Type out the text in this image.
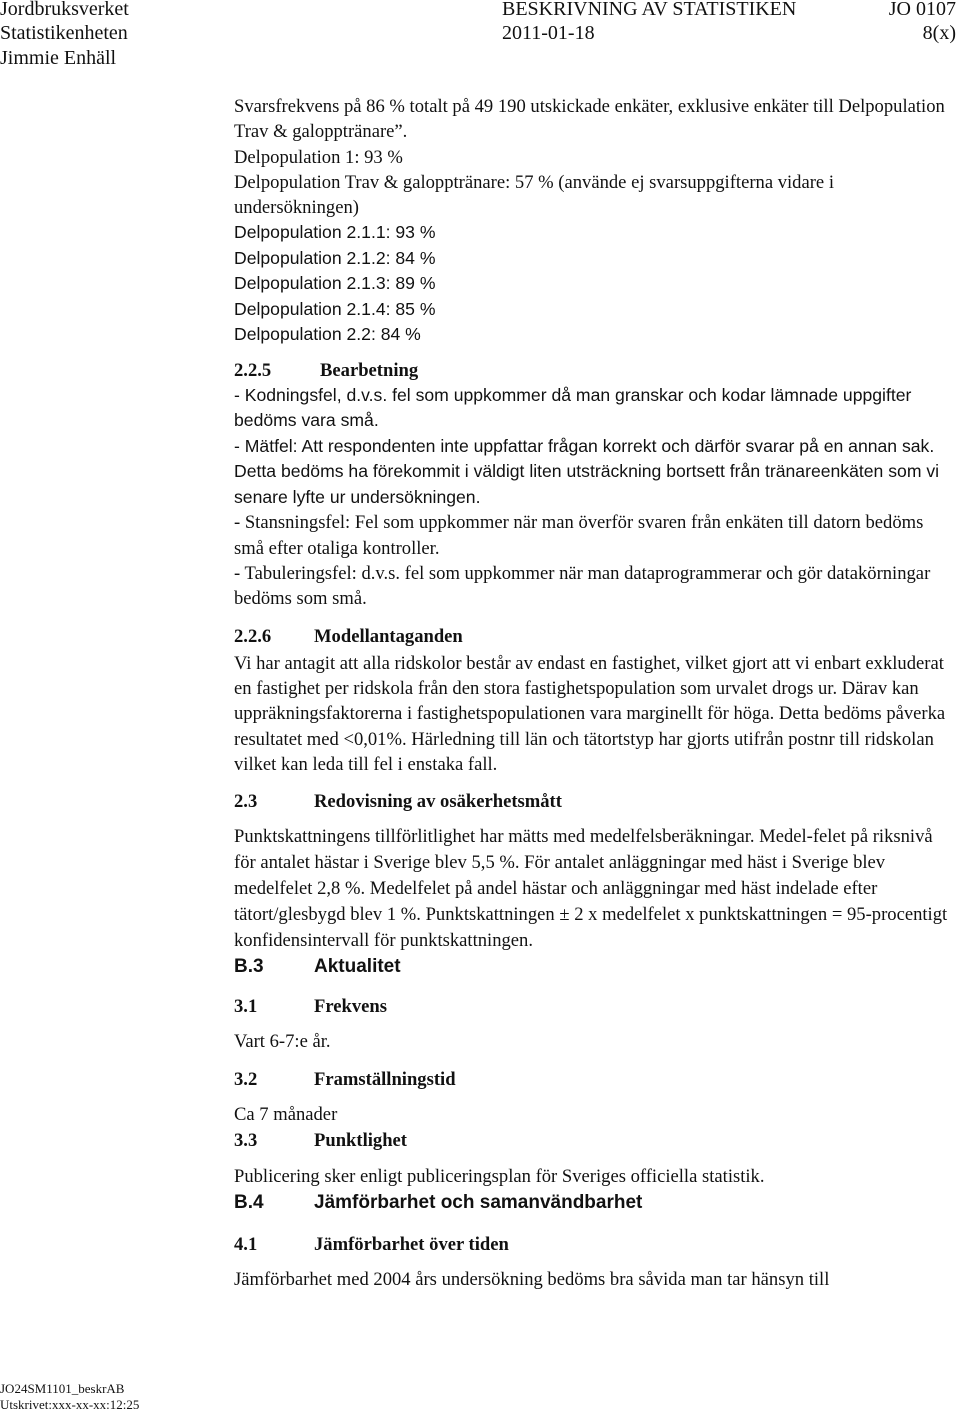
Jordbruksverket	BESKRIVNING AV STATISTIKEN	JO 0107
Statistikenheten	2011-01-18	8(x)
Jimmie Enhäll

Svarsfrekvens på 86 % totalt på 49 190 utskickade enkäter, exklusive enkäter till Delpopulation Trav & galopptränare”.

Delpopulation 1: 93 %

Delpopulation Trav & galopptränare: 57 % (använde ej svarsuppgifterna vidare i undersökningen)

Delpopulation 2.1.1: 93 %

Delpopulation 2.1.2: 84 %

Delpopulation 2.1.3: 89 %

Delpopulation 2.1.4: 85 %

Delpopulation 2.2: 84 %

2.2.5	Bearbetning

- Kodningsfel, d.v.s. fel som uppkommer då man granskar och kodar lämnade uppgifter bedöms vara små.

- Mätfel: Att respondenten inte uppfattar frågan korrekt och därför svarar på en annan sak. Detta bedöms ha förekommit i väldigt liten utsträckning bortsett från tränareenkäten som vi senare lyfte ur undersökningen.

- Stansningsfel: Fel som uppkommer när man överför svaren från enkäten till datorn bedöms små efter otaliga kontroller.

- Tabuleringsfel: d.v.s. fel som uppkommer när man dataprogrammerar och gör datakörningar bedöms som små.

2.2.6 Modellantaganden

Vi har antagit att alla ridskolor består av endast en fastighet, vilket gjort att vi enbart exkluderat en fastighet per ridskola från den stora fastighetspopulation som urvalet drogs ur. Därav kan uppräkningsfaktorerna i fastighetspopulationen vara marginellt för höga. Detta bedöms påverka resultatet med <0,01%. Härledning till län och tätortstyp har gjorts utifrån postnr till ridskolan vilket kan leda till fel i enstaka fall.

2.3	Redovisning av osäkerhetsmått

Punktskattningens tillförlitlighet har mätts med medelfelsberäkningar. Medel-felet på riksnivå för antalet hästar i Sverige blev 5,5 %. För antalet anläggningar med häst i Sverige blev medelfelet 2,8 %. Medelfelet på andel hästar och anläggningar med häst indelade efter tätort/glesbygd blev 1 %. Punktskattningen ± 2 x medelfelet x punktskattningen = 95-procentigt konfidensintervall för punktskattningen.

B.3	Aktualitet
3.1	Frekvens

Vart 6-7:e år.

3.2	Framställningstid

Ca 7 månader

3.3	Punktlighet

Publicering sker enligt publiceringsplan för Sveriges officiella statistik.

B.4	Jämförbarhet och samanvändbarhet
4.1	Jämförbarhet över tiden

Jämförbarhet med 2004 års undersökning bedöms bra såvida man tar hänsyn till

JO24SM1101_beskrAB
Utskrivet:xxx-xx-xx:12:25
